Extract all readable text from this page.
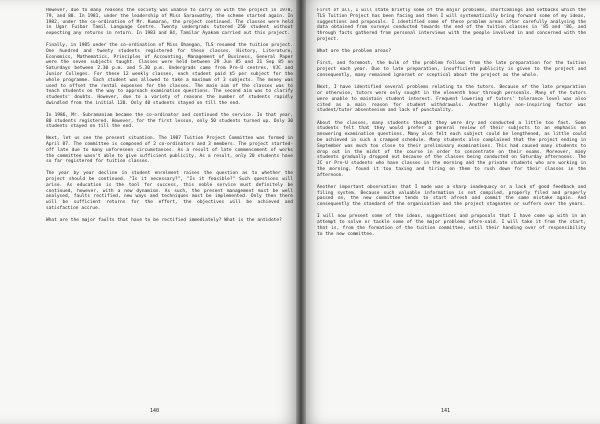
However, due to many reasons the society was unable to carry on with the project in 1978, 79, and 80. In 1981, under the leadership of Miss Saraswathy, the scheme started again. In 1982, under the co-ordination of Mr. Kumaran, the project continued. The classes were held in Ugar Fuibar Tamil Language Centre. Twenty undergrads tutored 250 student without expecting any returns in return. In 1983 and 84, Tamilar Ayakam carried out this project.

Finally, in 1985 under the co-ordination of Miss Ohangan, TLS resumed the tuition project. One hundred and twenty students registered for these classes. History, Literature, Economics, Mathematics, Principles of Accounting, Management of Business, General Paper were the seven subjects taught. Classes were held between 29 Jun 85 and 21 Sep 85 on Saturdays between 2.30 p.m. and 5.30 p.m. Undergrads came from Pre-U centres, VJC and Junior Colleges. For these 12 weekly classes, each student paid $5 per subject for the whole programme. Each student was allowed to take a maximum of 3 subjects. The money was used to offset the rental expenses for the classes. The main aim of the classes was to teach students on the way to approach examination questions. The second aim was to clarify students' doubts. However, due to a variety of reasons the number of students rapidly dwindled from the initial 120. Only 40 students stayed on till the end.

In 1986, Mr. Subramaniam became the co-ordinator and continued the service. In that year, 80 students registered. However, for the first lesson, only 50 students turned up. Only 30 students stayed on till the end.

Next, let us see the present situation. The 1987 Tuition Project Committee was formed in April 87. The committee is composed of 2 co-ordinators and 3 members. The project started-off late due to many unforeseen circumstances. As a result of late commencement of works the committee wasn't able to give sufficient publicity. As a result, only 20 students have so far registered for tuition classes.

The year by year decline in student enrolment raises the question as to whether the project should be continued. "Is it necessary?", "Is it feasible?" Such questions will arise. As education is the tool for success, this noble service must definitely be continued, however, with a new dynamism. As such, the present management must be well analysed, faults rectified, new ways and techniques must be implemented. Only then there will be sufficient returns for the effort, the objectives will be achieved and satisfaction accrue.

What are the major faults that have to be rectified immediately? What is the antidote?

140

First of all, I will state briefly some of the major problems, shortcomings and setbacks which the TLS Tuition Project has been facing and then I will systematically bring forward some of my ideas, suggestions and proposals. I identified some of these problem areas after carefully analysing the data obtained from surveys conducted towards the end of the tuition classes in '85 and '86, and through facts gathered from personal interviews with the people involved in and concerned with the project.

What are the problem areas?

First, and foremost, the bulk of the problem follows from the late preparation for the tuition project each year. Due to late preparation, insufficient publicity is given to the project and consequently, many remained ignorant or sceptical about the project as the whole.

Next, I have identified several problems relating to the tutors. Because of the late preparation or otherwise, tutors were only sought in the eleventh hour through personals. Many of the tutors were unable to maintain student interest. Frequent lowering of tutors' tolerance level was also cited as a main reason for student withdrawals. Another highly non-inspiring factor was student/tutor absenteeism and lack of punctuality.

About the classes, many students thought they were dry and conducted a little too fast. Some students felt that they would prefer a general review of their subjects to an emphasis on answering examination questions. Many also felt each subject could be lengthened, as little could be achieved in such a cramped schedule. Many students also complained that the project ending in September was much too close to their preliminary examinations. This had caused many students to drop out in the midst of the course in order to concentrate on their exams. Moreover, many students gradually dropped out because of the classes being conducted on Saturday afternoons. The JC or Pre-U students who have classes in the morning and the private students who are working in the morning, found it too taxing and tiring on them to rush down for their classes in the afternoon.

Another important observation that I made was a sharp inadequacy or a lack of good feedback and filing system. Because such valuable information is not compiled, properly filed and properly passed on, the new committee tends to start afresh and commit the same mistake again. And consequently the standard of the organisation and the project stagnates or suffers over the years.

I will now present some of the ideas, suggestions and proposals that I have come up with in an attempt to solve or tackle some of the major problems afore-said. I will take it from the start, that is, from the formation of the tuition committee, until their handing over of responsibility to the new committee.

141
